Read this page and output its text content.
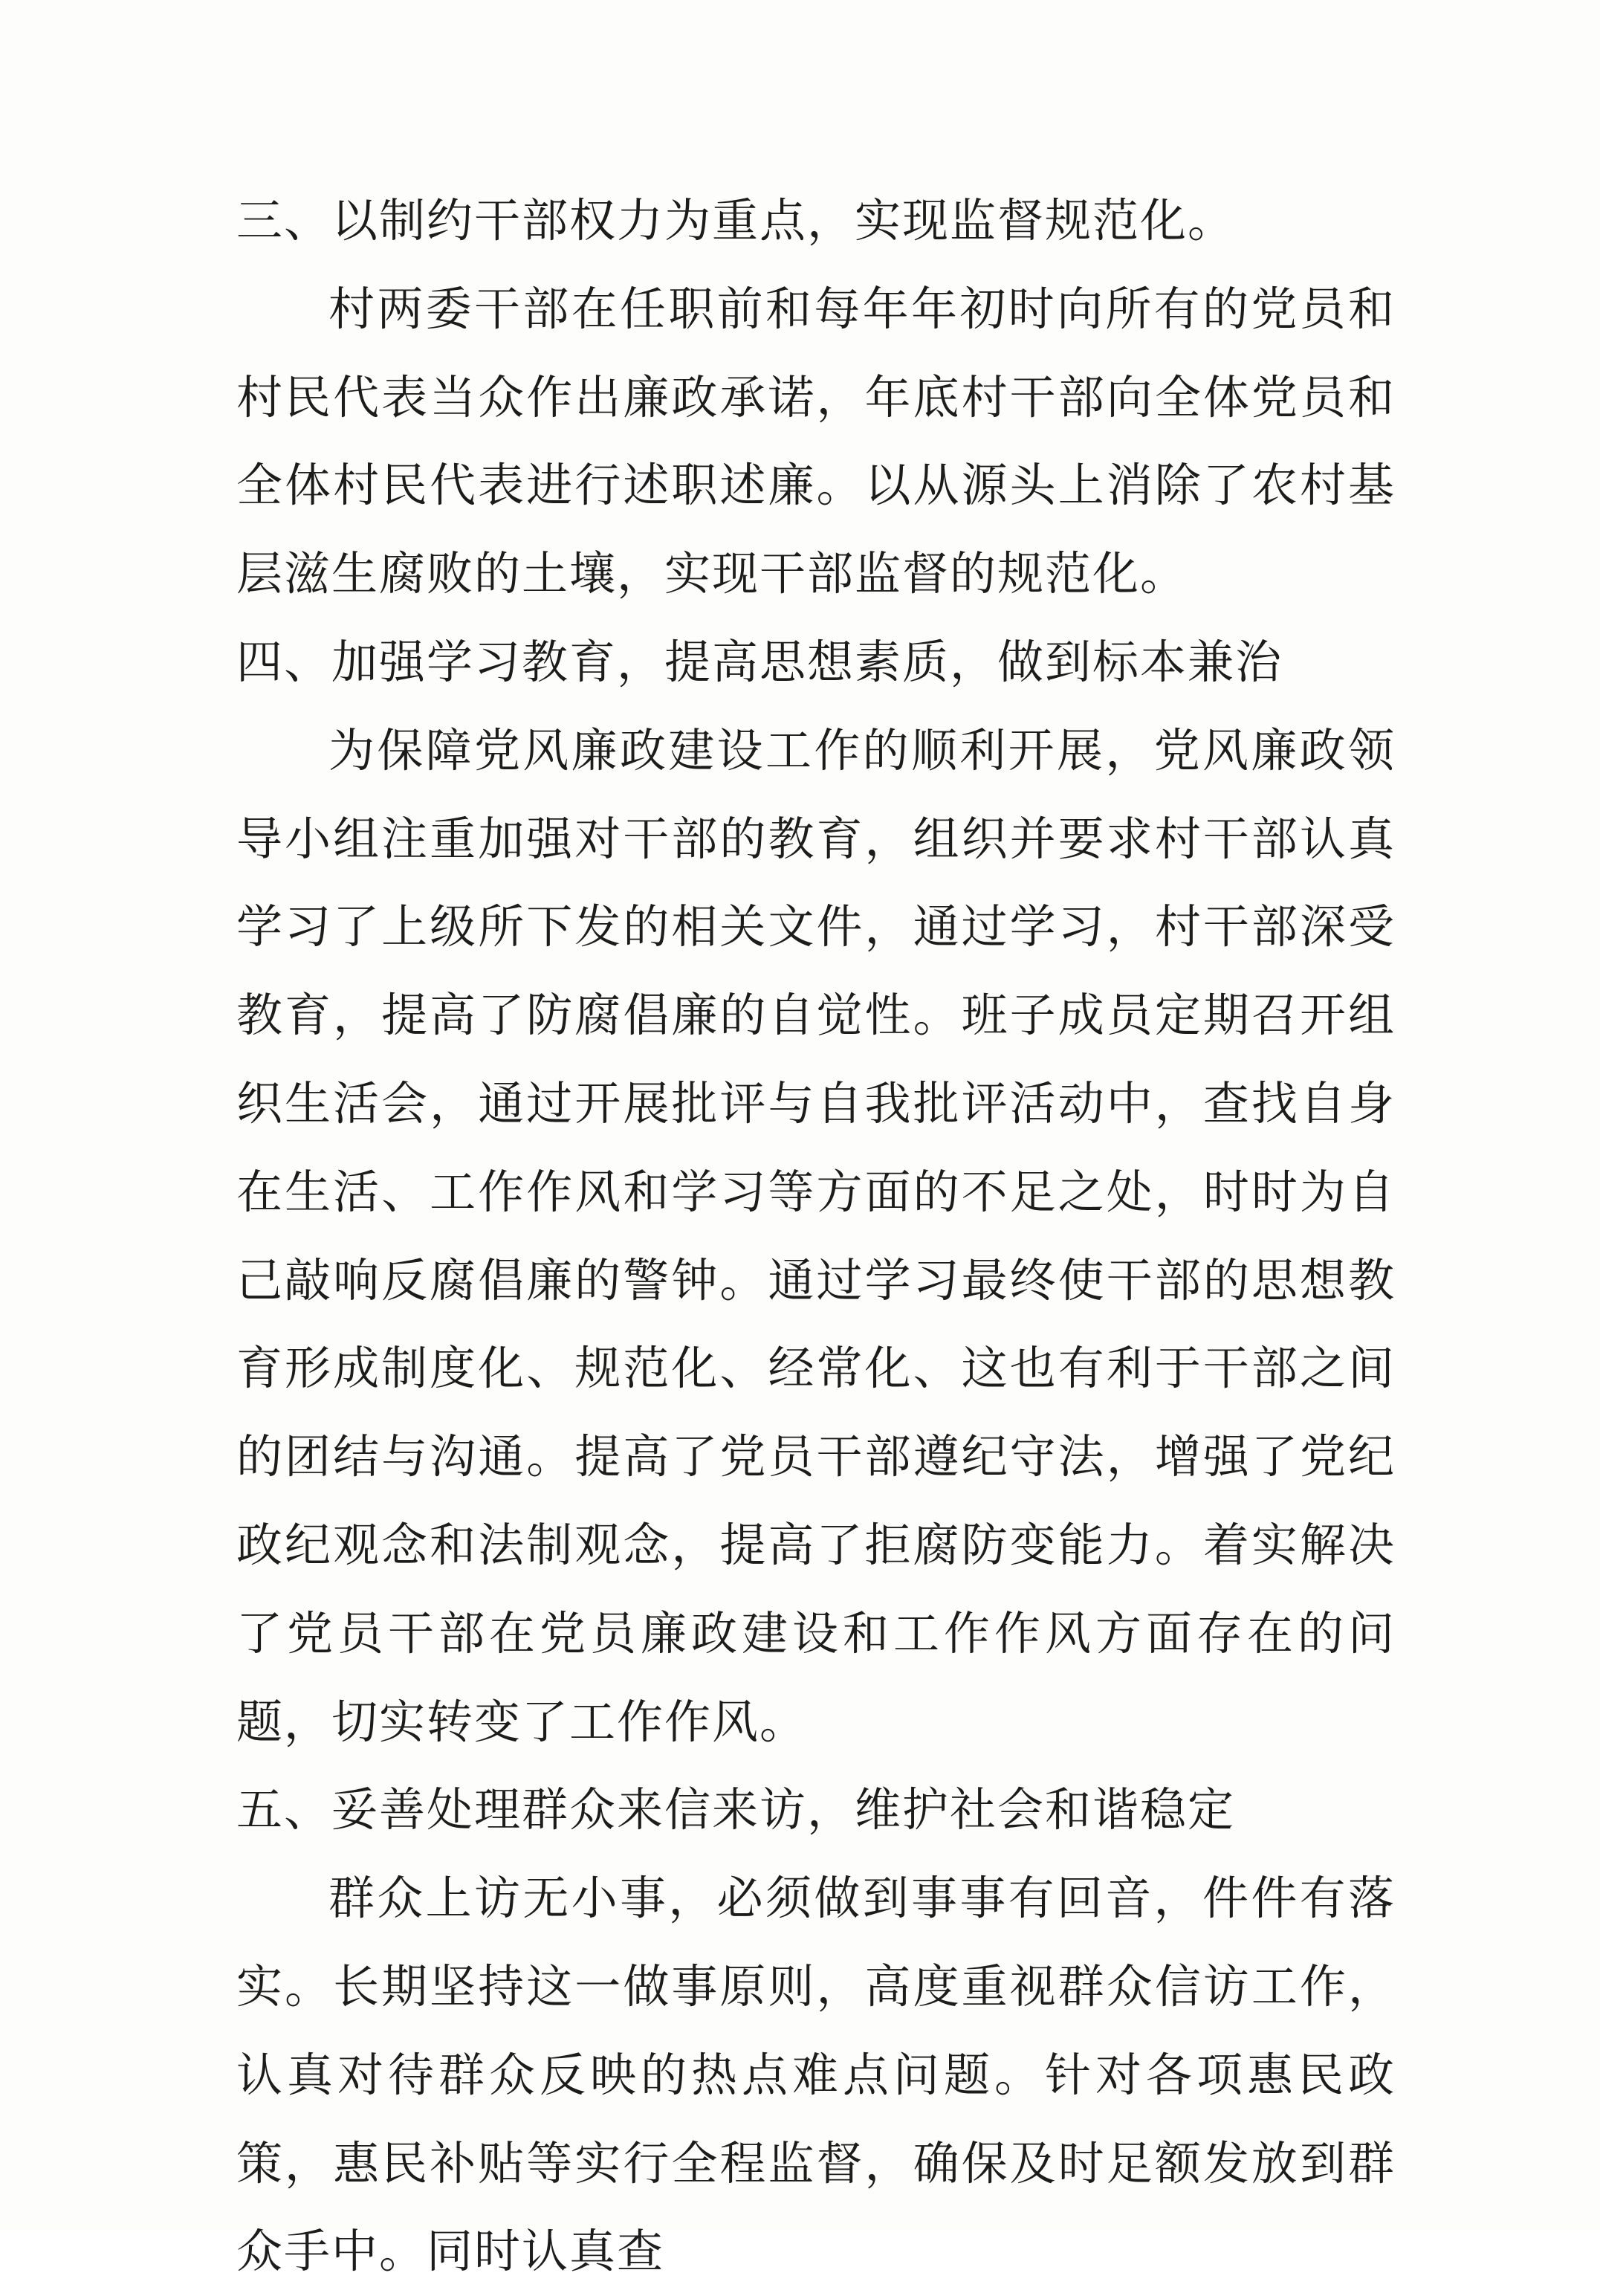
三、以制约干部权力为重点，实现监督规范化。

村两委干部在任职前和每年年初时向所有的党员和村民代表当众作出廉政承诺，年底村干部向全体党员和全体村民代表进行述职述廉。以从源头上消除了农村基层滋生腐败的土壤，实现干部监督的规范化。

四、加强学习教育，提高思想素质，做到标本兼治

为保障党风廉政建设工作的顺利开展，党风廉政领导小组注重加强对干部的教育，组织并要求村干部认真学习了上级所下发的相关文件，通过学习，村干部深受教育，提高了防腐倡廉的自觉性。班子成员定期召开组织生活会，通过开展批评与自我批评活动中，查找自身在生活、工作作风和学习等方面的不足之处，时时为自己敲响反腐倡廉的警钟。通过学习最终使干部的思想教育形成制度化、规范化、经常化、这也有利于干部之间的团结与沟通。提高了党员干部遵纪守法，增强了党纪政纪观念和法制观念，提高了拒腐防变能力。着实解决了党员干部在党员廉政建设和工作作风方面存在的问题，切实转变了工作作风。

五、妥善处理群众来信来访，维护社会和谐稳定

群众上访无小事，必须做到事事有回音，件件有落实。长期坚持这一做事原则，高度重视群众信访工作，认真对待群众反映的热点难点问题。针对各项惠民政策，惠民补贴等实行全程监督，确保及时足额发放到群众手中。同时认真查
